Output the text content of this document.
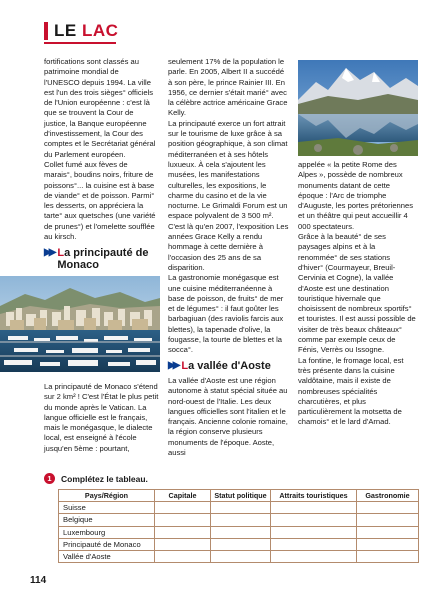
LE LAC
fortifications sont classés au patrimoine mondial de l'UNESCO depuis 1994. La ville est l'un des trois sièges° officiels de l'Union européenne : c'est là que se trouvent la Cour de justice, la Banque européenne d'investissement, la Cour des comptes et le Secrétariat général du Parlement européen.
Collet fumé aux fèves de marais°, boudins noirs, friture de poissons°... la cuisine est à base de viande° et de poisson. Parmi° les desserts, on appréciera la tarte° aux quetsches (une variété de prunes°) et l'omelette soufflée au kirsch.
▶▶ La principauté de Monaco
La principauté de Monaco s'étend sur 2 km² ! C'est l'État le plus petit du monde après le Vatican. La langue officielle est le français, mais le monégasque, le dialecte local, est enseigné à l'école jusqu'en 5ème : pourtant,
seulement 17% de la population le parle. En 2005, Albert II a succédé à son père, le prince Rainier III. En 1956, ce dernier s'était marié° avec la célèbre actrice américaine Grace Kelly.
La principauté exerce un fort attrait sur le tourisme de luxe grâce à sa position géographique, à son climat méditerranéen et à ses hôtels luxueux. À cela s'ajoutent les musées, les manifestations culturelles, les expositions, le charme du casino et de la vie nocturne. Le Grimaldi Forum est un espace polyvalent de 3 500 m². C'est là qu'en 2007, l'exposition Les années Grace Kelly a rendu hommage à cette dernière à l'occasion des 25 ans de sa disparition.
La gastronomie monégasque est une cuisine méditerranéenne à base de poisson, de fruits° de mer et de légumes° : il faut goûter les barbagiuan (des raviolis farcis aux blettes), la tapenade d'olive, la fougasse, la tourte de blettes et la socca°.
▶▶ La vallée d'Aoste
La vallée d'Aoste est une région autonome à statut spécial située au nord-ouest de l'Italie. Les deux langues officielles sont l'italien et le français. Ancienne colonie romaine, la région conserve plusieurs monuments de l'époque. Aoste, aussi
appelée « la petite Rome des Alpes », possède de nombreux monuments datant de cette époque : l'Arc de triomphe d'Auguste, les portes prétoriennes et un théâtre qui peut accueillir 4 000 spectateurs.
Grâce à la beauté° de ses paysages alpins et à la renommée° de ses stations d'hiver° (Courmayeur, Breuil-Cervinia et Cogne), la vallée d'Aoste est une destination touristique hivernale que choisissent de nombreux sportifs° et touristes. Il est aussi possible de visiter de très beaux châteaux° comme par exemple ceux de Fénis, Verrès ou Issogne.
La fontine, le fromage local, est très présente dans la cuisine valdôtaine, mais il existe de nombreuses spécialités charcutières, et plus particulièrement la motsetta de chamois° et le lard d'Arnad.
1	Complétez le tableau.
Pays/Région	Capitale	Statut politique	Attraits touristiques	Gastronomie
Suisse				
Belgique				
Luxembourg				
Principauté de Monaco				
Vallée d'Aoste				
114
